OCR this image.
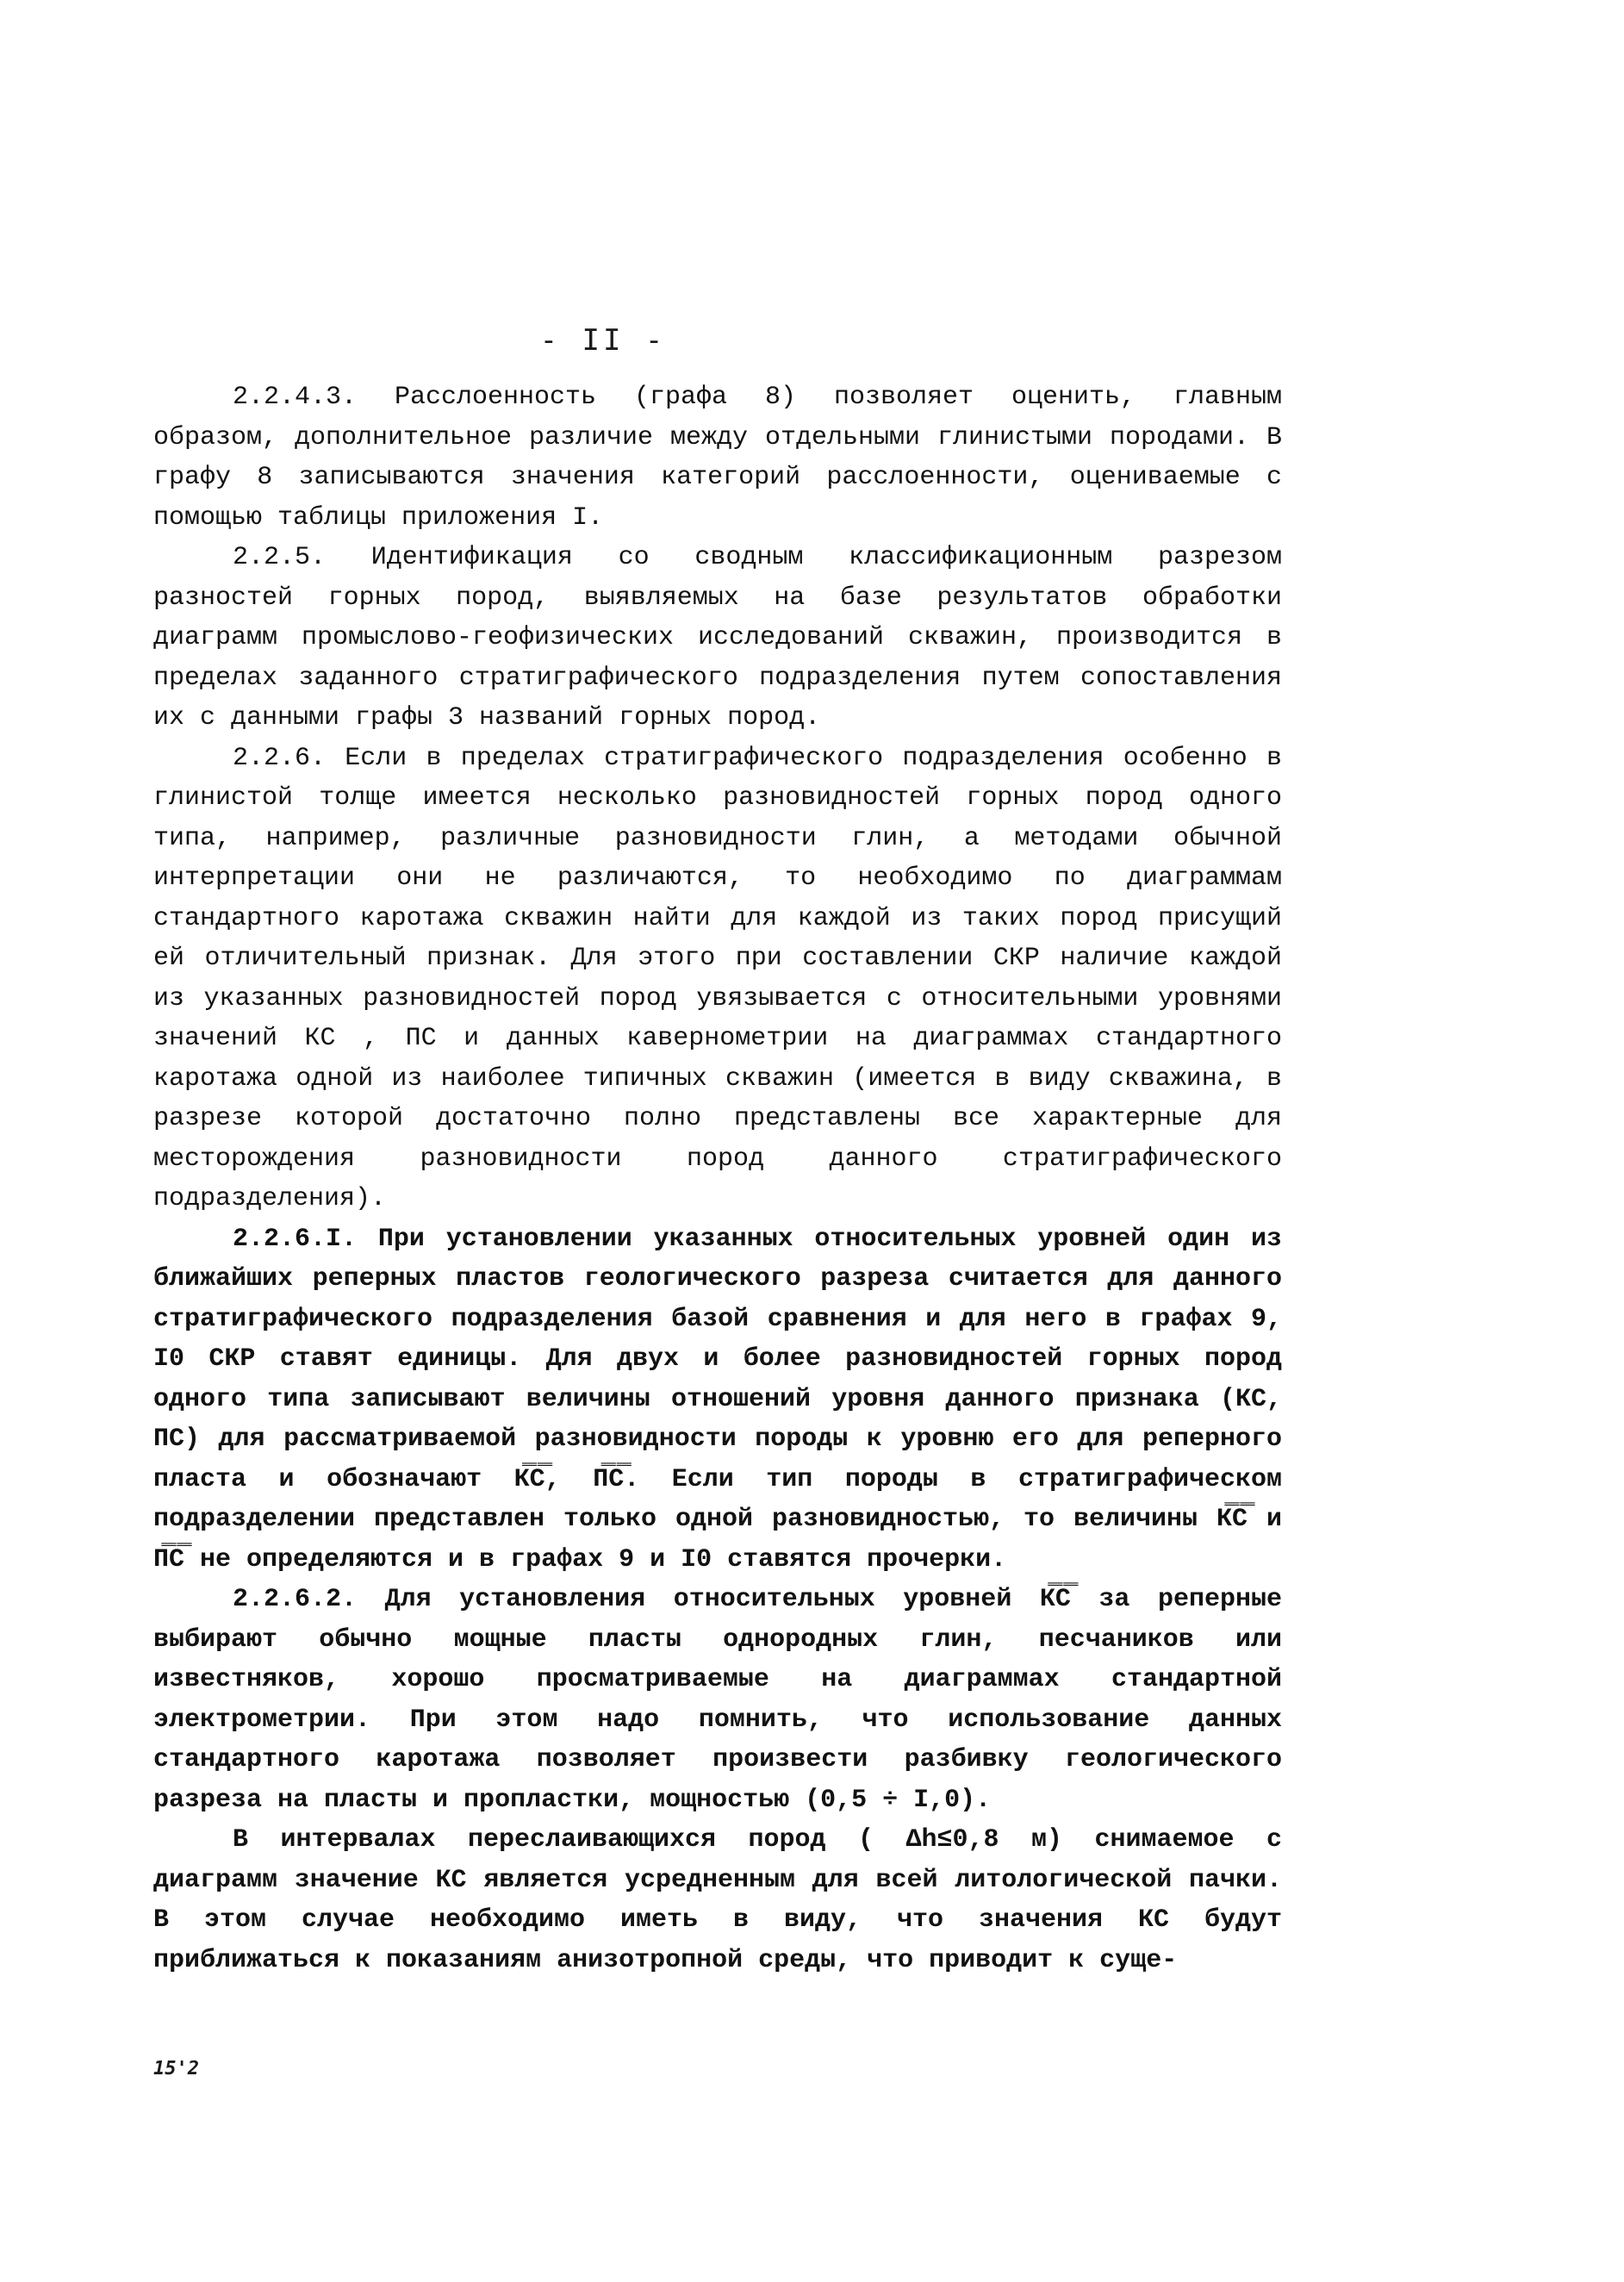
- II -

2.2.4.3. Расслоенность (графа 8) позволяет оценить, главным образом, дополнительное различие между отдельными глинистыми породами. В графу 8 записываются значения категорий расслоенности, оцениваемые с помощью таблицы приложения I.

2.2.5. Идентификация со сводным классификационным разрезом разностей горных пород, выявляемых на базе результатов обработки диаграмм промыслово-геофизических исследований скважин, производится в пределах заданного стратиграфического подразделения путем сопоставления их с данными графы 3 названий горных пород.

2.2.6. Если в пределах стратиграфического подразделения особенно в глинистой толще имеется несколько разновидностей горных пород одного типа, например, различные разновидности глин, а методами обычной интерпретации они не различаются, то необходимо по диаграммам стандартного каротажа скважин найти для каждой из таких пород присущий ей отличительный признак. Для этого при составлении СКР наличие каждой из указанных разновидностей пород увязывается с относительными уровнями значений КС , ПС и данных кавернометрии на диаграммах стандартного каротажа одной из наиболее типичных скважин (имеется в виду скважина, в разрезе которой достаточно полно представлены все характерные для месторождения разновидности пород данного стратиграфического подразделения).

2.2.6.I. При установлении указанных относительных уровней один из ближайших реперных пластов геологического разреза считается для данного стратиграфического подразделения базой сравнения и для него в графах 9, I0 СКР ставят единицы. Для двух и более разновидностей горных пород одного типа записывают величины отношений уровня данного признака (КС, ПС) для рассматриваемой разновидности породы к уровню его для реперного пласта и обозначают К̿С̿, П̿С̿. Если тип породы в стратиграфическом подразделении представлен только одной разновидностью, то величины К̿С̿ и П̿С̿ не определяются и в графах 9 и I0 ставятся прочерки.

2.2.6.2. Для установления относительных уровней К̿С̿ за реперные выбирают обычно мощные пласты однородных глин, песчаников или известняков, хорошо просматриваемые на диаграммах стандартной электрометрии. При этом надо помнить, что использование данных стандартного каротажа позволяет произвести разбивку геологического разреза на пласты и пропластки, мощностью (0,5 ÷ I,0).

В интервалах переслаивающихся пород ( Δh≤0,8 м) снимаемое с диаграмм значение КС является усредненным для всей литологической пачки. В этом случае необходимо иметь в виду, что значения КС будут приближаться к показаниям анизотропной среды, что приводит к суще-

15'2
